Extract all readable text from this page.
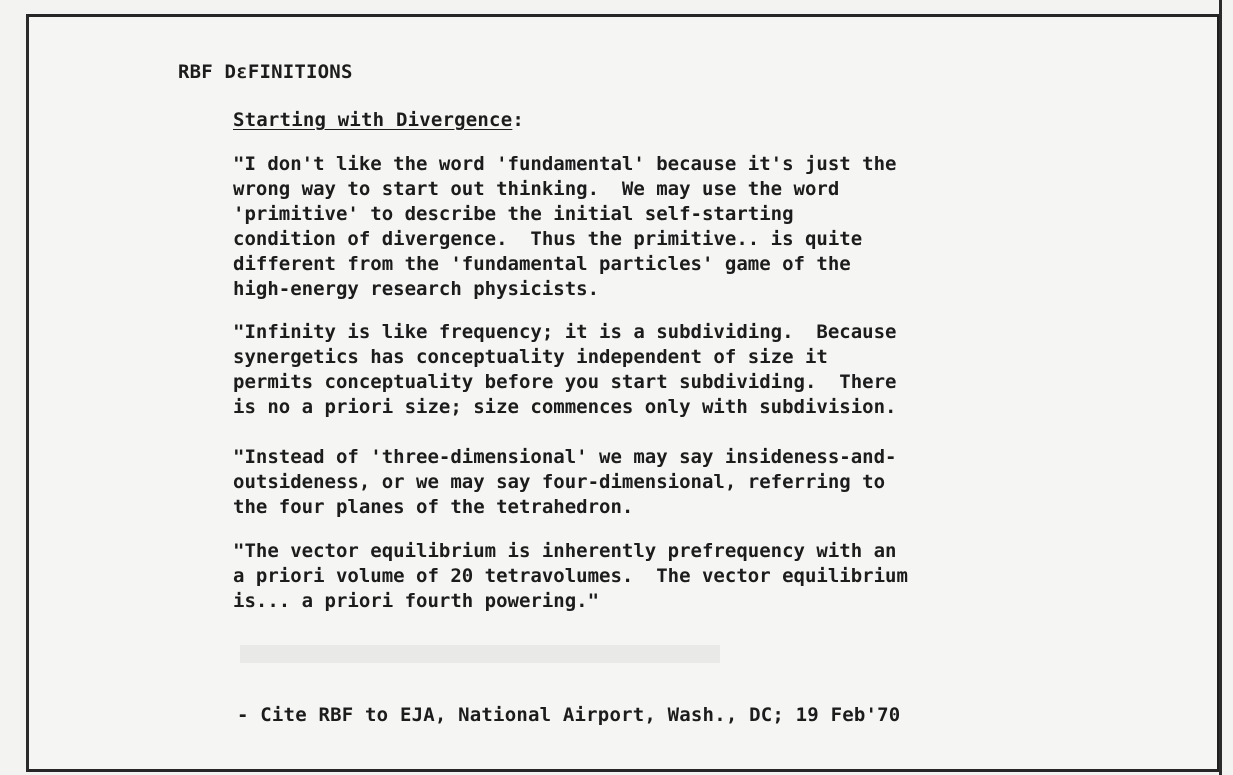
RBF DɛFINITIONS
Starting with Divergence:
"I don't like the word 'fundamental' because it's just the
wrong way to start out thinking.  We may use the word
'primitive' to describe the initial self-starting
condition of divergence.  Thus the primitive.. is quite
different from the 'fundamental particles' game of the
high-energy research physicists.
"Infinity is like frequency; it is a subdividing.  Because
synergetics has conceptuality independent of size it
permits conceptuality before you start subdividing.  There
is no a priori size; size commences only with subdivision.
"Instead of 'three-dimensional' we may say insideness-and-
outsideness, or we may say four-dimensional, referring to
the four planes of the tetrahedron.
"The vector equilibrium is inherently prefrequency with an
a priori volume of 20 tetravolumes.  The vector equilibrium
is... a priori fourth powering."
- Cite RBF to EJA, National Airport, Wash., DC; 19 Feb'70
